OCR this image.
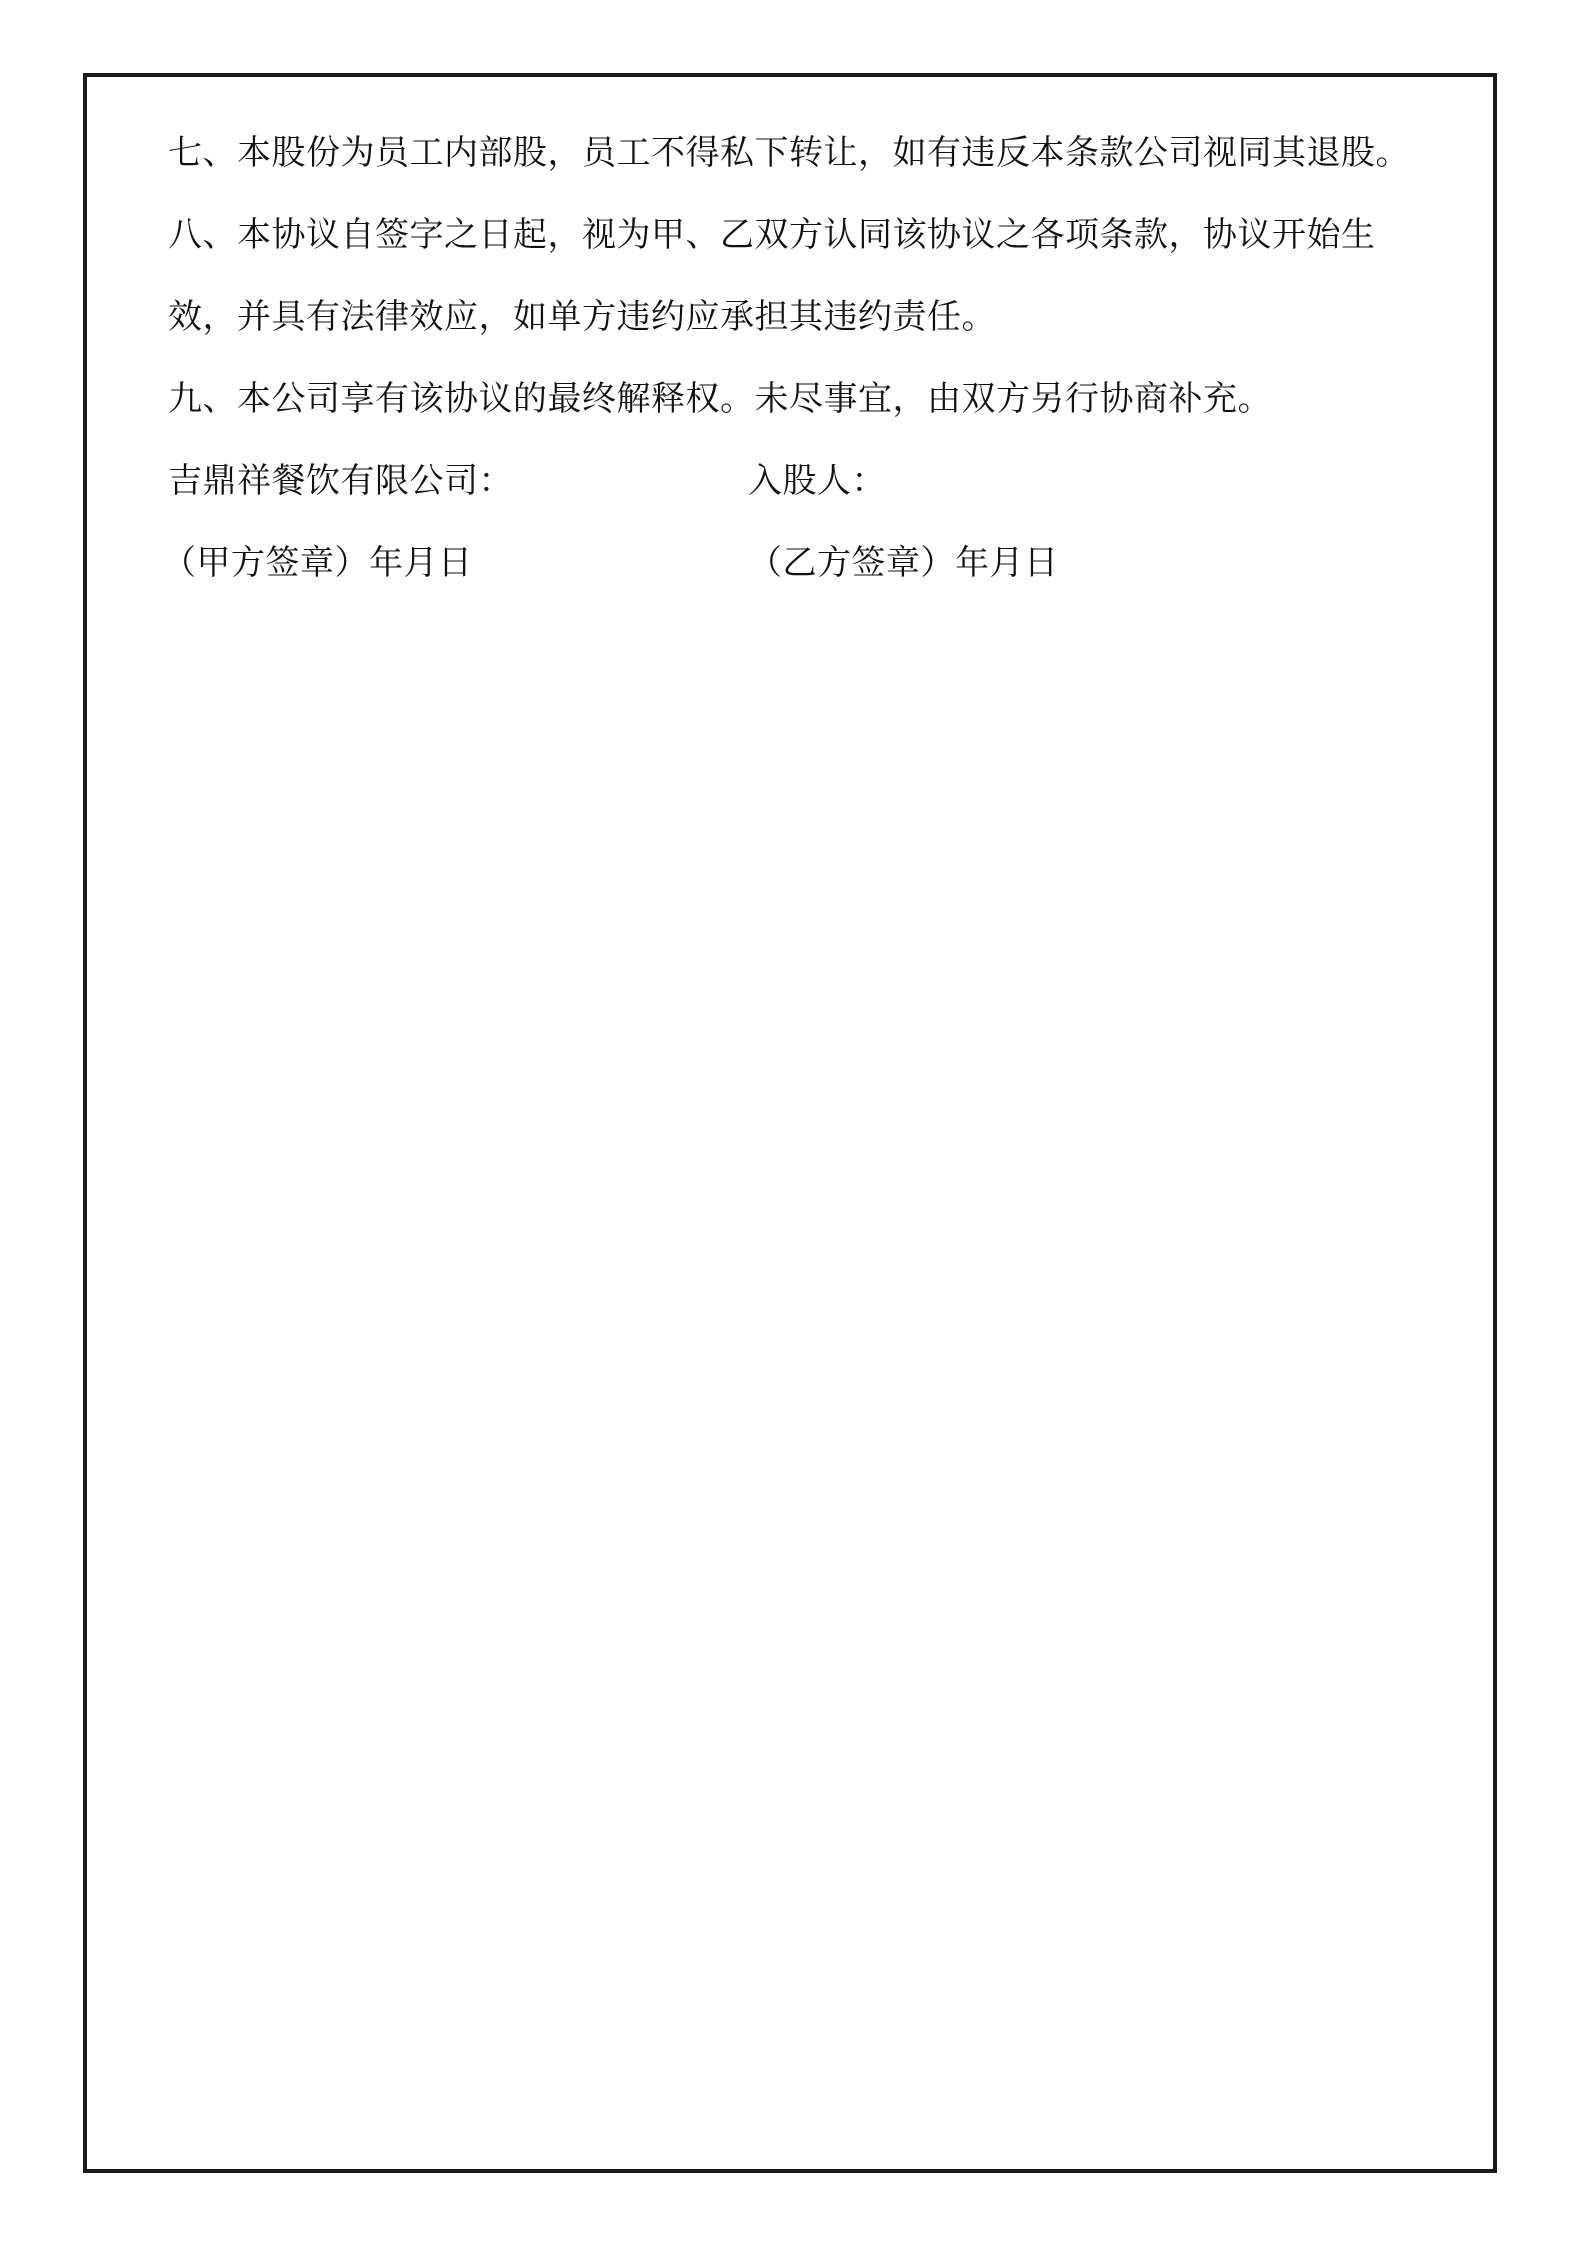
七、本股份为员工内部股，员工不得私下转让，如有违反本条款公司视同其退股。

八、本协议自签字之日起，视为甲、乙双方认同该协议之各项条款，协议开始生效，并具有法律效应，如单方违约应承担其违约责任。

九、本公司享有该协议的最终解释权。未尽事宜，由双方另行协商补充。

吉鼎祥餐饮有限公司：	入股人：
（甲方签章）年月日	（乙方签章）年月日
